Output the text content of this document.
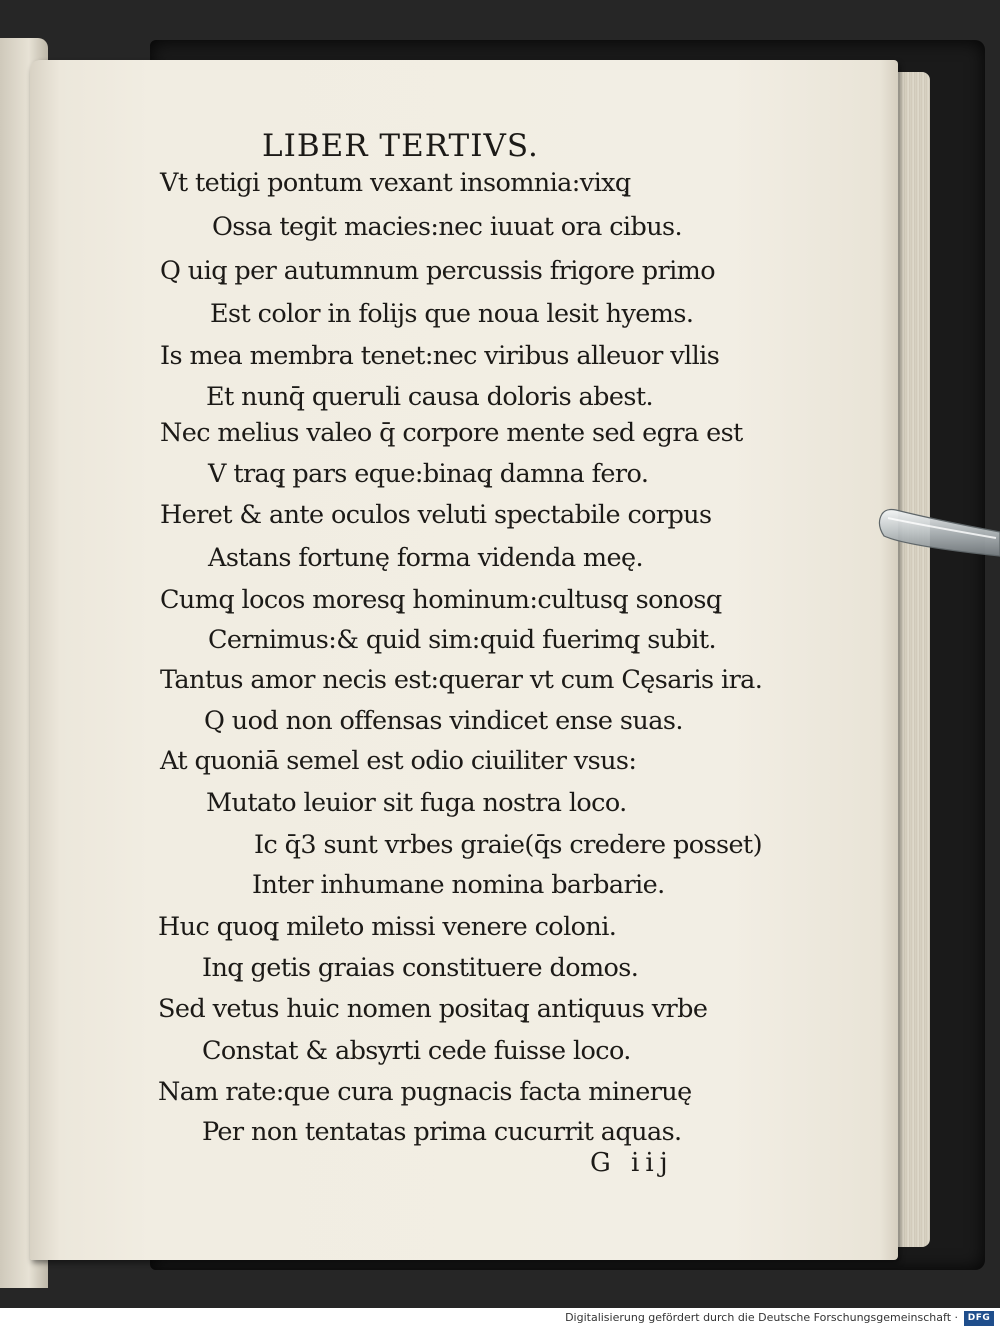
LIBER TERTIVS.
Vt tetigi pontum vexant insomnia:vixq̧
Ossa tegit macies:nec iuuat ora cibus.
Q uiq̧ per autumnum percussis frigore primo
Est color in folijs que noua lesit hyems.
Is mea membra tenet:nec viribus alleuor vllis
Et nunq̄ queruli causa doloris abest.
Nec melius valeo q̄ corpore mente sed egra est
V traq̧ pars eque:binaq̧ damna fero.
Heret & ante oculos veluti spectabile corpus
Astans fortunę forma videnda meę.
Cumq̧ locos moresq̧ hominum:cultusq̧ sonosq̧
Cernimus:& quid sim:quid fuerimq̧ subit.
Tantus amor necis est:querar vt cum Cęsaris ira.
Q uod non offensas vindicet ense suas.
At quoniā semel est odio ciuiliter vsus:
Mutato leuior sit fuga nostra loco.
Ic q̄3 sunt vrbes graie(q̄s credere posset)
Inter inhumane nomina barbarie.
Huc quoq̧ mileto missi venere coloni.
Inq̧ getis graias constituere domos.
Sed vetus huic nomen positaq̧ antiquus vrbe
Constat & absyrti cede fuisse loco.
Nam rate:que cura pugnacis facta mineruę
Per non tentatas prima cucurrit aquas.
G iij
Digitalisierung gefördert durch die Deutsche Forschungsgemeinschaft ·	DFG
